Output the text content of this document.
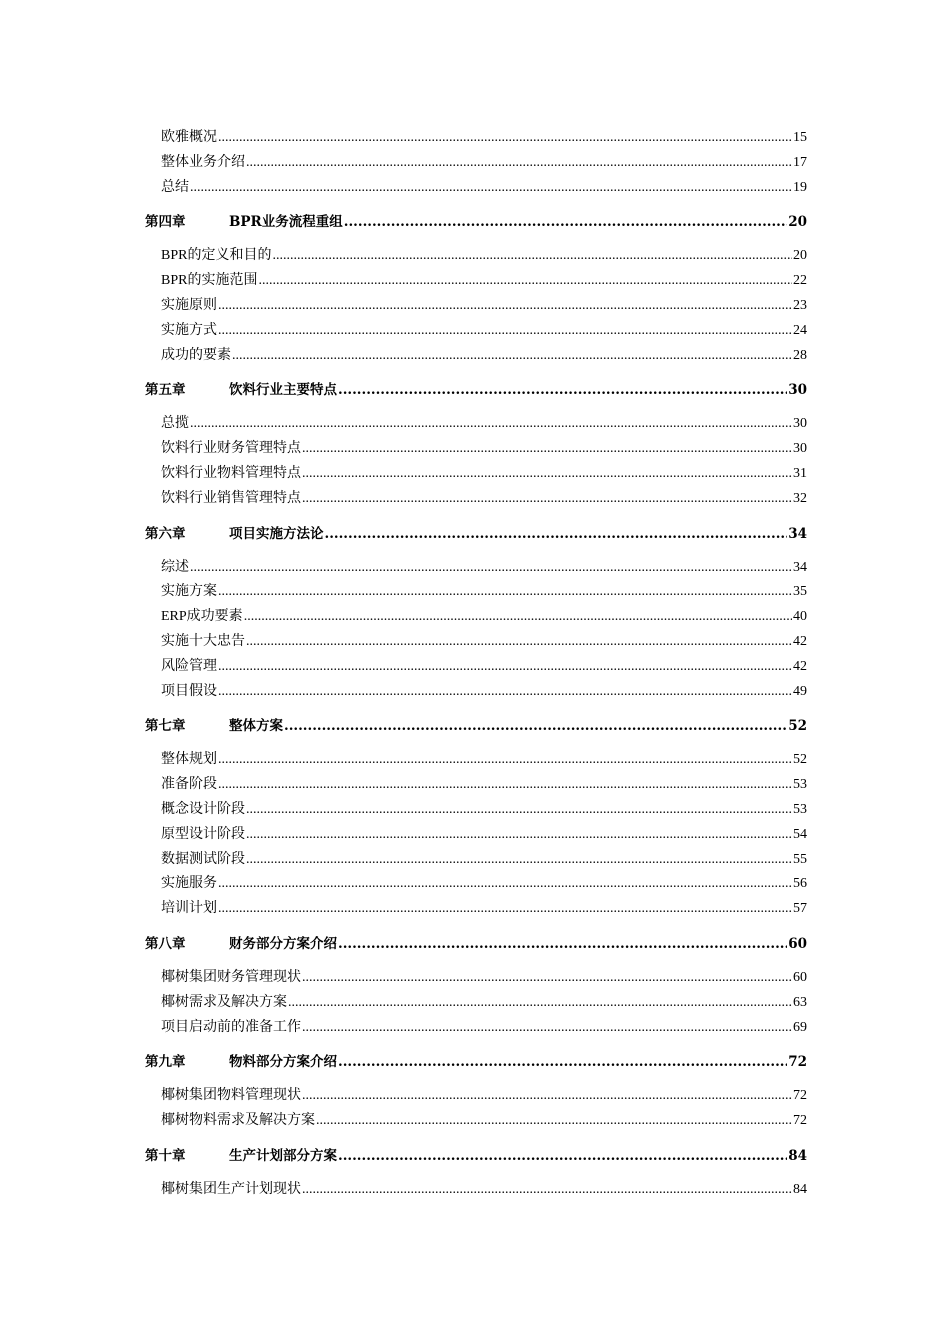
欧雅概况 .....	15
整体业务介绍 .....	17
总结 .....	19
第四章	BPR业务流程重组 .....	20
BPR的定义和目的 .....	20
BPR的实施范围 .....	22
实施原则 .....	23
实施方式 .....	24
成功的要素 .....	28
第五章	饮料行业主要特点 .....	30
总揽 .....	30
饮料行业财务管理特点 .....	30
饮料行业物料管理特点 .....	31
饮料行业销售管理特点 .....	32
第六章	项目实施方法论 .....	34
综述 .....	34
实施方案 .....	35
ERP成功要素 .....	40
实施十大忠告 .....	42
风险管理 .....	42
项目假设 .....	49
第七章	整体方案 .....	52
整体规划 .....	52
准备阶段 .....	53
概念设计阶段 .....	53
原型设计阶段 .....	54
数据测试阶段 .....	55
实施服务 .....	56
培训计划 .....	57
第八章	财务部分方案介绍 .....	60
椰树集团财务管理现状 .....	60
椰树需求及解决方案 .....	63
项目启动前的准备工作 .....	69
第九章	物料部分方案介绍 .....	72
椰树集团物料管理现状 .....	72
椰树物料需求及解决方案 .....	72
第十章	生产计划部分方案 .....	84
椰树集团生产计划现状 .....	84
